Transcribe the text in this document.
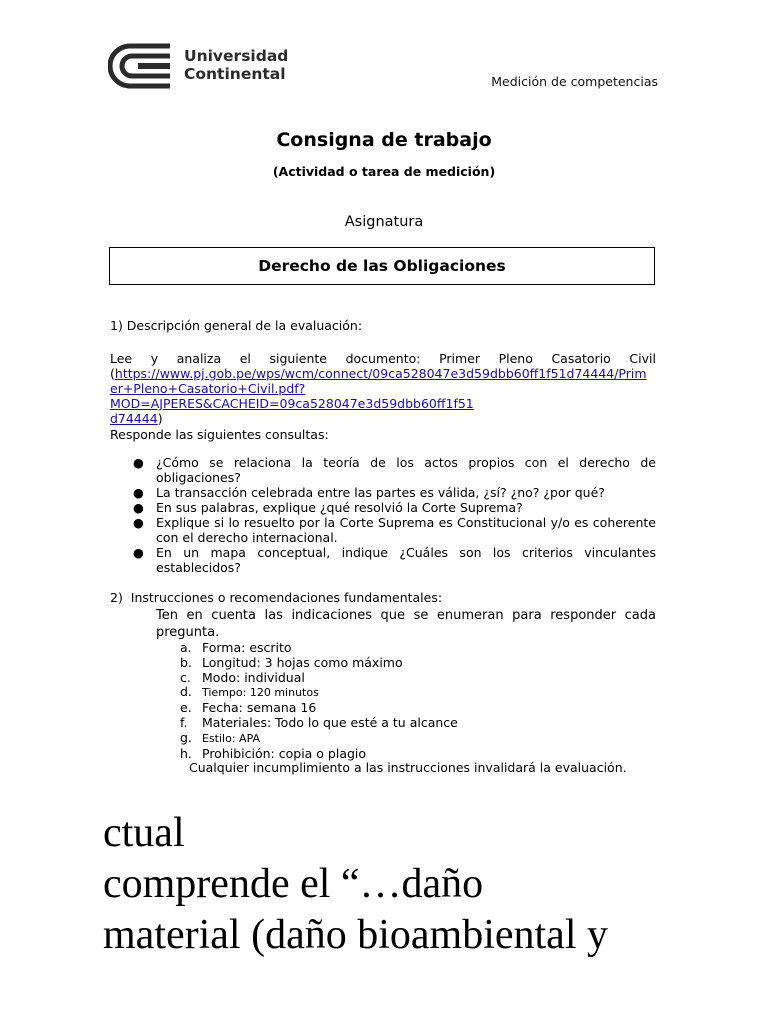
Universidad
Continental	Medición de competencias
Consigna de trabajo
(Actividad o tarea de medición)
Asignatura
Derecho de las Obligaciones
1) Descripción general de la evaluación:
Lee y analiza el siguiente documento: Primer Pleno Casatorio Civil
(https://www.pj.gob.pe/wps/wcm/connect/09ca528047e3d59dbb60ff1f51d74444/Prim
er+Pleno+Casatorio+Civil.pdf?MOD=AJPERES&CACHEID=09ca528047e3d59dbb60ff1f51
d74444)
Responde las siguientes consultas:
● ¿Cómo se relaciona la teoría de los actos propios con el derecho de obligaciones?
● La transacción celebrada entre las partes es válida, ¿sí? ¿no? ¿por qué?
● En sus palabras, explique ¿qué resolvió la Corte Suprema?
● Explique si lo resuelto por la Corte Suprema es Constitucional y/o es coherente con el derecho internacional.
● En un mapa conceptual, indique ¿Cuáles son los criterios vinculantes establecidos?
2)  Instrucciones o recomendaciones fundamentales:
Ten en cuenta las indicaciones que se enumeran para responder cada pregunta.
a. Forma: escrito
b. Longitud: 3 hojas como máximo
c. Modo: individual
d. Tiempo: 120 minutos
e. Fecha: semana 16
f. Materiales: Todo lo que esté a tu alcance
g. Estilo: APA
h. Prohibición: copia o plagio
Cualquier incumplimiento a las instrucciones invalidará la evaluación.
ctual
comprende el “…daño
material (daño bioambiental y
